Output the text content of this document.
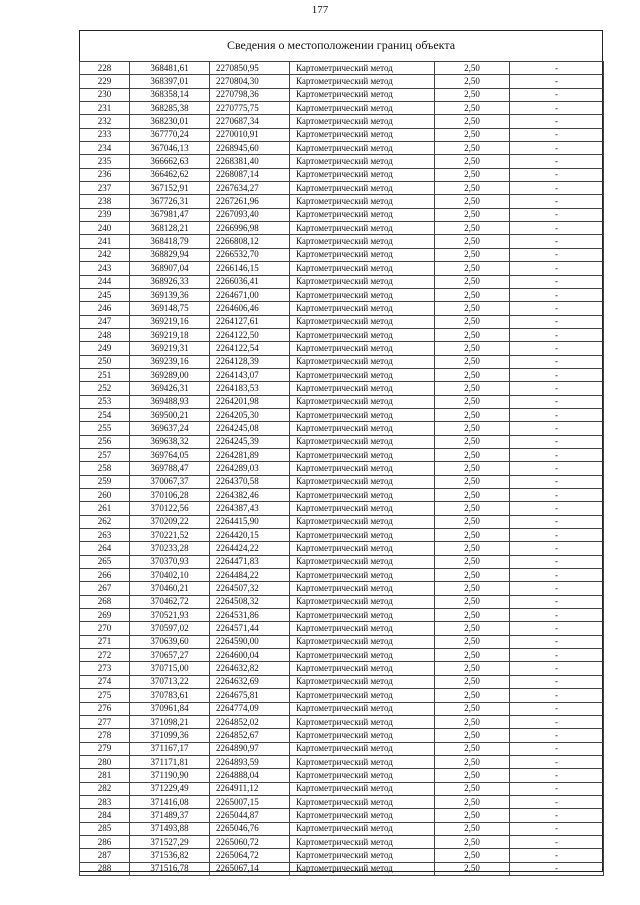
177
Сведения о местоположении границ объекта
228	368481,61	2270850,95	Картометрический метод	2,50	-
229	368397,01	2270804,30	Картометрический метод	2,50	-
230	368358,14	2270798,36	Картометрический метод	2,50	-
231	368285,38	2270775,75	Картометрический метод	2,50	-
232	368230,01	2270687,34	Картометрический метод	2,50	-
233	367770,24	2270010,91	Картометрический метод	2,50	-
234	367046,13	2268945,60	Картометрический метод	2,50	-
235	366662,63	2268381,40	Картометрический метод	2,50	-
236	366462,62	2268087,14	Картометрический метод	2,50	-
237	367152,91	2267634,27	Картометрический метод	2,50	-
238	367726,31	2267261,96	Картометрический метод	2,50	-
239	367981,47	2267093,40	Картометрический метод	2,50	-
240	368128,21	2266996,98	Картометрический метод	2,50	-
241	368418,79	2266808,12	Картометрический метод	2,50	-
242	368829,94	2266532,70	Картометрический метод	2,50	-
243	368907,04	2266146,15	Картометрический метод	2,50	-
244	368926,33	2266036,41	Картометрический метод	2,50	-
245	369139,36	2264671,00	Картометрический метод	2,50	-
246	369148,75	2264606,46	Картометрический метод	2,50	-
247	369219,16	2264127,61	Картометрический метод	2,50	-
248	369219,18	2264122,50	Картометрический метод	2,50	-
249	369219,31	2264122,54	Картометрический метод	2,50	-
250	369239,16	2264128,39	Картометрический метод	2,50	-
251	369289,00	2264143,07	Картометрический метод	2,50	-
252	369426,31	2264183,53	Картометрический метод	2,50	-
253	369488,93	2264201,98	Картометрический метод	2,50	-
254	369500,21	2264205,30	Картометрический метод	2,50	-
255	369637,24	2264245,08	Картометрический метод	2,50	-
256	369638,32	2264245,39	Картометрический метод	2,50	-
257	369764,05	2264281,89	Картометрический метод	2,50	-
258	369788,47	2264289,03	Картометрический метод	2,50	-
259	370067,37	2264370,58	Картометрический метод	2,50	-
260	370106,28	2264382,46	Картометрический метод	2,50	-
261	370122,56	2264387,43	Картометрический метод	2,50	-
262	370209,22	2264415,90	Картометрический метод	2,50	-
263	370221,52	2264420,15	Картометрический метод	2,50	-
264	370233,28	2264424,22	Картометрический метод	2,50	-
265	370370,93	2264471,83	Картометрический метод	2,50	-
266	370402,10	2264484,22	Картометрический метод	2,50	-
267	370460,21	2264507,32	Картометрический метод	2,50	-
268	370462,72	2264508,32	Картометрический метод	2,50	-
269	370521,93	2264531,86	Картометрический метод	2,50	-
270	370597,02	2264571,44	Картометрический метод	2,50	-
271	370639,60	2264590,00	Картометрический метод	2,50	-
272	370657,27	2264600,04	Картометрический метод	2,50	-
273	370715,00	2264632,82	Картометрический метод	2,50	-
274	370713,22	2264632,69	Картометрический метод	2,50	-
275	370783,61	2264675,81	Картометрический метод	2,50	-
276	370961,84	2264774,09	Картометрический метод	2,50	-
277	371098,21	2264852,02	Картометрический метод	2,50	-
278	371099,36	2264852,67	Картометрический метод	2,50	-
279	371167,17	2264890,97	Картометрический метод	2,50	-
280	371171,81	2264893,59	Картометрический метод	2,50	-
281	371190,90	2264888,04	Картометрический метод	2,50	-
282	371229,49	2264911,12	Картометрический метод	2,50	-
283	371416,08	2265007,15	Картометрический метод	2,50	-
284	371489,37	2265044,87	Картометрический метод	2,50	-
285	371493,88	2265046,76	Картометрический метод	2,50	-
286	371527,29	2265060,72	Картометрический метод	2,50	-
287	371536,82	2265064,72	Картометрический метод	2,50	-
288	371516,78	2265067,14	Картометрический метод	2,50	-
